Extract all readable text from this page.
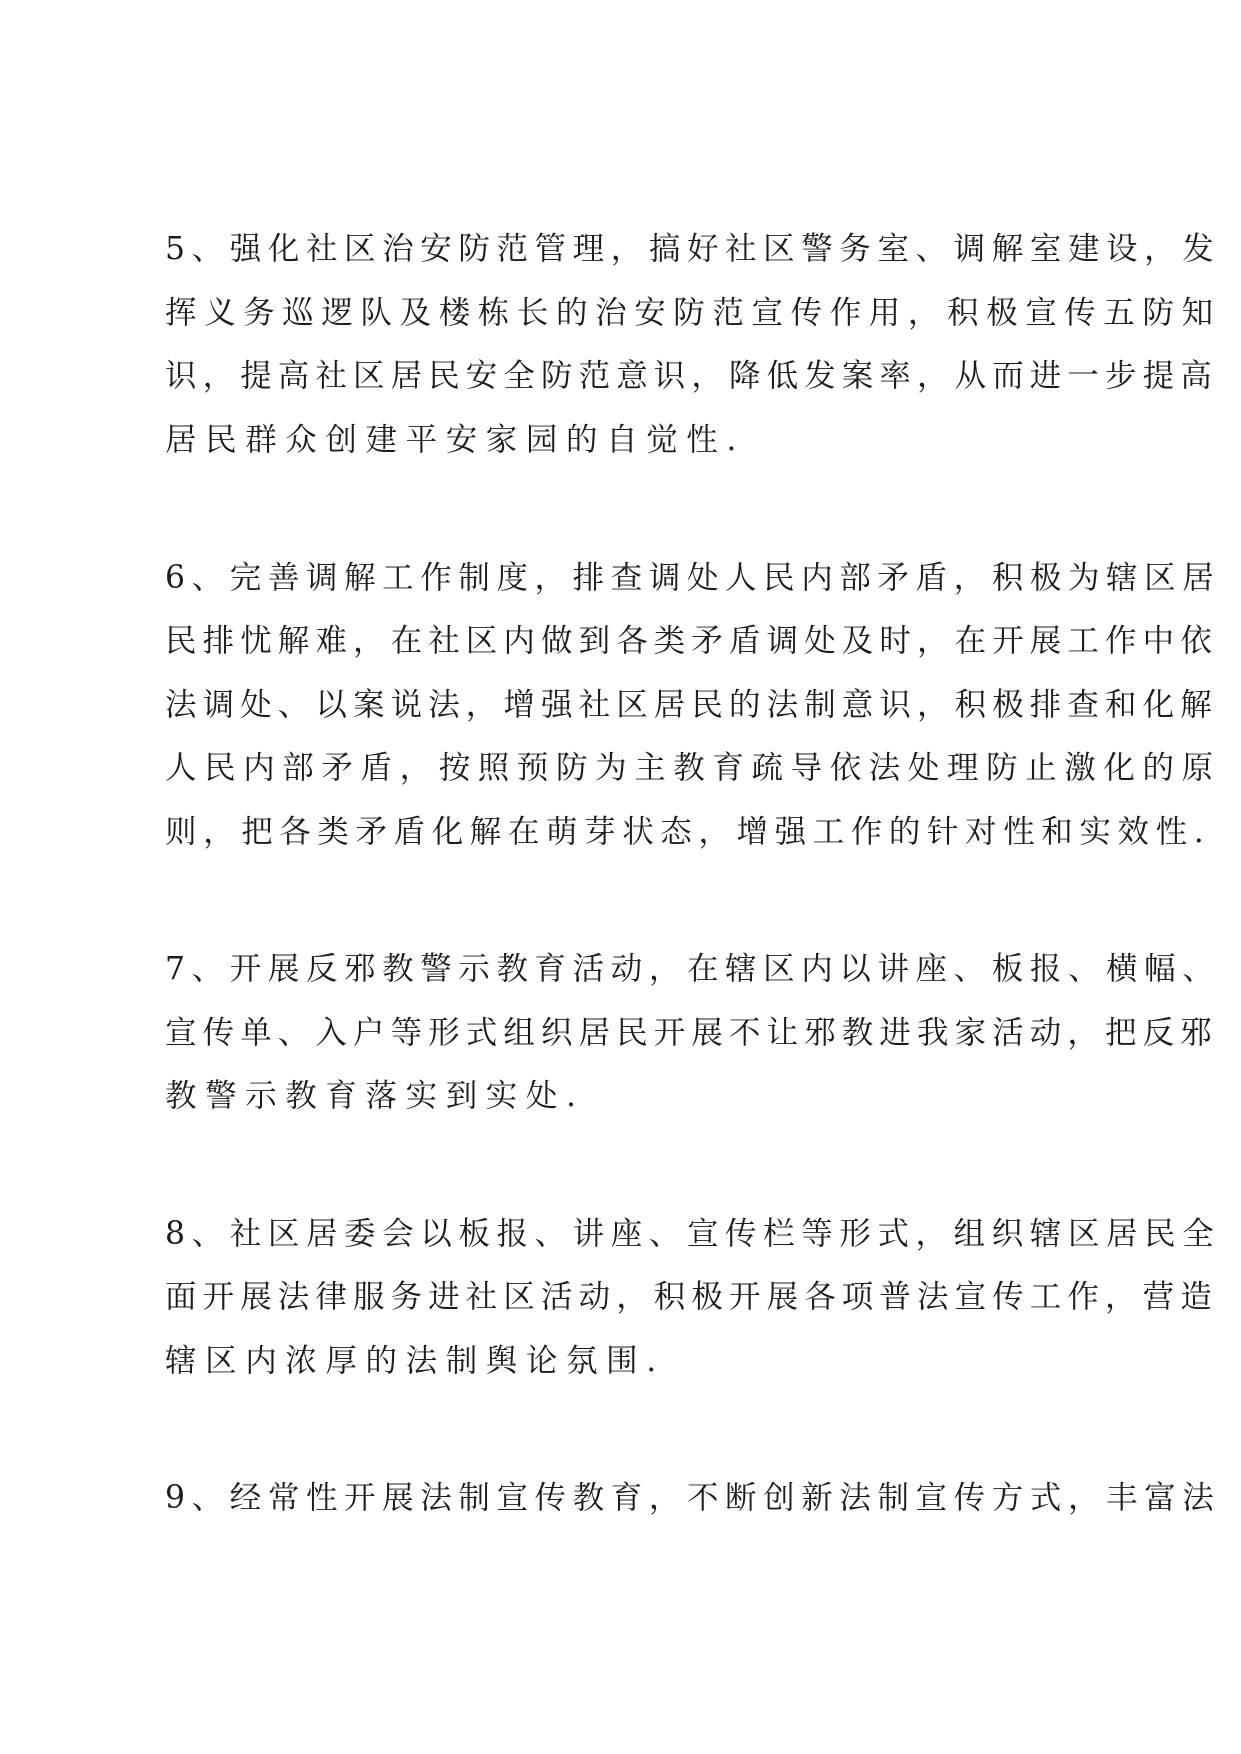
5、强化社区治安防范管理，搞好社区警务室、调解室建设，发
挥义务巡逻队及楼栋长的治安防范宣传作用，积极宣传五防知
识，提高社区居民安全防范意识，降低发案率，从而进一步提高
居民群众创建平安家园的自觉性.
6、完善调解工作制度，排查调处人民内部矛盾，积极为辖区居
民排忧解难，在社区内做到各类矛盾调处及时，在开展工作中依
法调处、以案说法，增强社区居民的法制意识，积极排查和化解
人民内部矛盾，按照预防为主教育疏导依法处理防止激化的原
则，把各类矛盾化解在萌芽状态，增强工作的针对性和实效性.
7、开展反邪教警示教育活动，在辖区内以讲座、板报、横幅、
宣传单、入户等形式组织居民开展不让邪教进我家活动，把反邪
教警示教育落实到实处.
8、社区居委会以板报、讲座、宣传栏等形式，组织辖区居民全
面开展法律服务进社区活动，积极开展各项普法宣传工作，营造
辖区内浓厚的法制舆论氛围.
9、经常性开展法制宣传教育，不断创新法制宣传方式，丰富法
